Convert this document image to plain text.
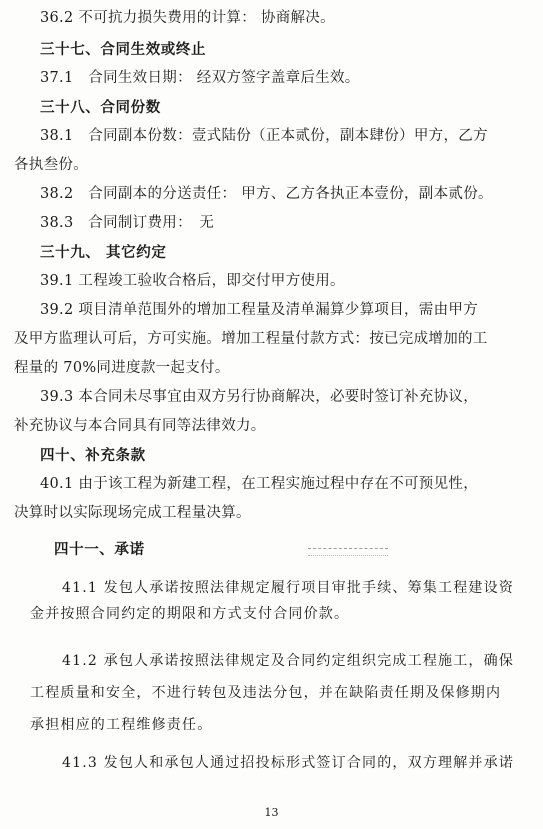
36.2 不可抗力损失费用的计算： 协商解决。
三十七、合同生效或终止
37.1　合同生效日期： 经双方签字盖章后生效。
三十八、合同份数
38.1　合同副本份数：壹式陆份（正本贰份，副本肆份）甲方，乙方
各执叁份。
38.2　合同副本的分送责任： 甲方、乙方各执正本壹份，副本贰份。
38.3　合同制订费用：　无
三十九、 其它约定
39.1 工程竣工验收合格后，即交付甲方使用。
39.2 项目清单范围外的增加工程量及清单漏算少算项目，需由甲方
及甲方监理认可后，方可实施。增加工程量付款方式：按已完成增加的工
程量的 70%同进度款一起支付。
39.3 本合同未尽事宜由双方另行协商解决，必要时签订补充协议，
补充协议与本合同具有同等法律效力。
四十、补充条款
40.1 由于该工程为新建工程，在工程实施过程中存在不可预见性，
决算时以实际现场完成工程量决算。
四十一、承诺
41.1 发包人承诺按照法律规定履行项目审批手续、筹集工程建设资
金并按照合同约定的期限和方式支付合同价款。
41.2 承包人承诺按照法律规定及合同约定组织完成工程施工，确保
工程质量和安全，不进行转包及违法分包，并在缺陷责任期及保修期内
承担相应的工程维修责任。
41.3 发包人和承包人通过招投标形式签订合同的，双方理解并承诺
13
